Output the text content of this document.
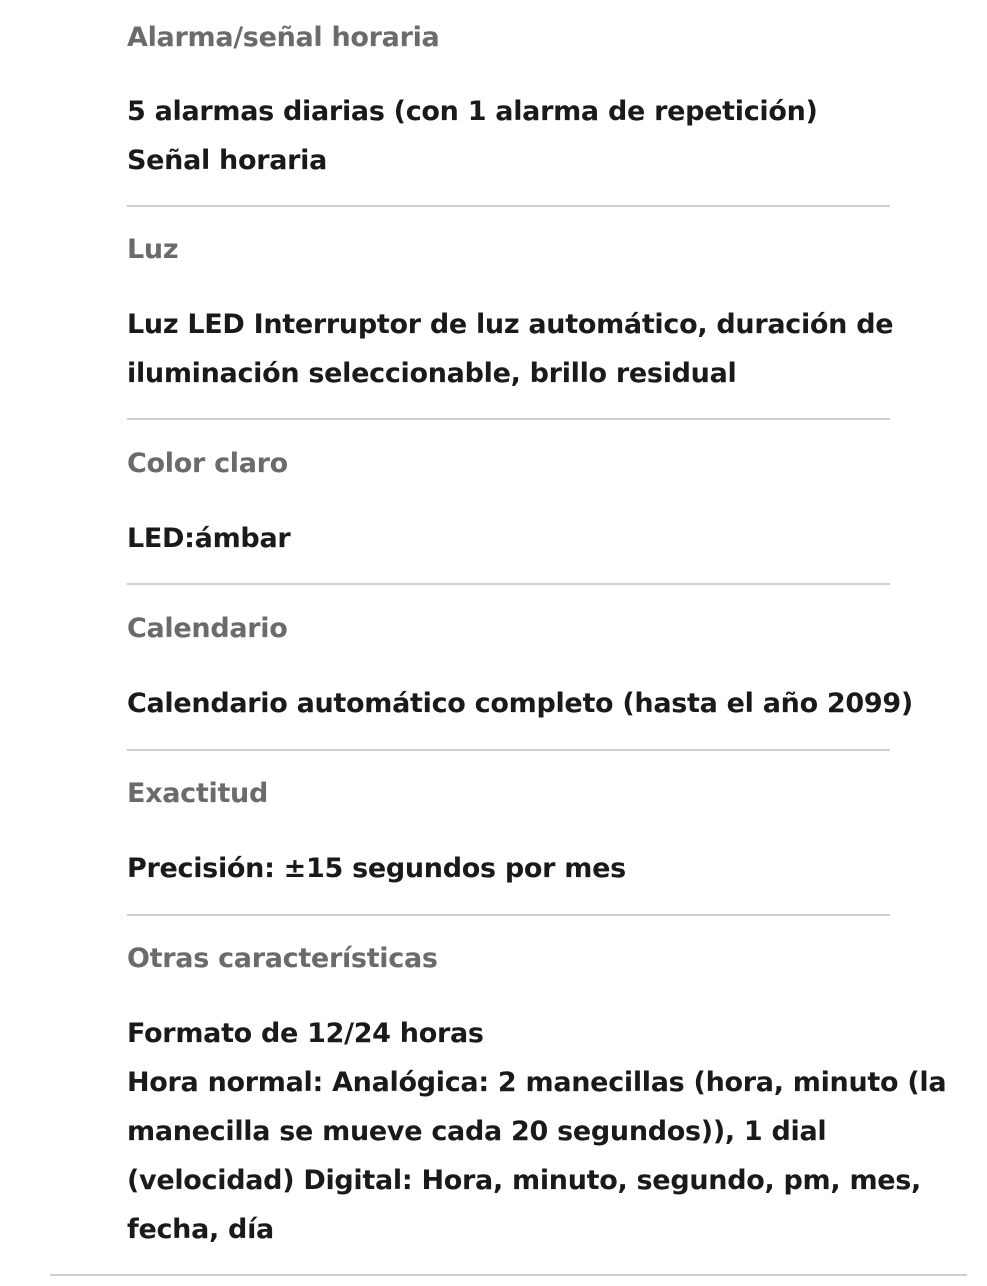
Alarma/señal horaria
5 alarmas diarias (con 1 alarma de repetición)
Señal horaria
Luz
Luz LED Interruptor de luz automático, duración de
iluminación seleccionable, brillo residual
Color claro
LED:ámbar
Calendario
Calendario automático completo (hasta el año 2099)
Exactitud
Precisión: ±15 segundos por mes
Otras características
Formato de 12/24 horas
Hora normal: Analógica: 2 manecillas (hora, minuto (la
manecilla se mueve cada 20 segundos)), 1 dial
(velocidad) Digital: Hora, minuto, segundo, pm, mes,
fecha, día
